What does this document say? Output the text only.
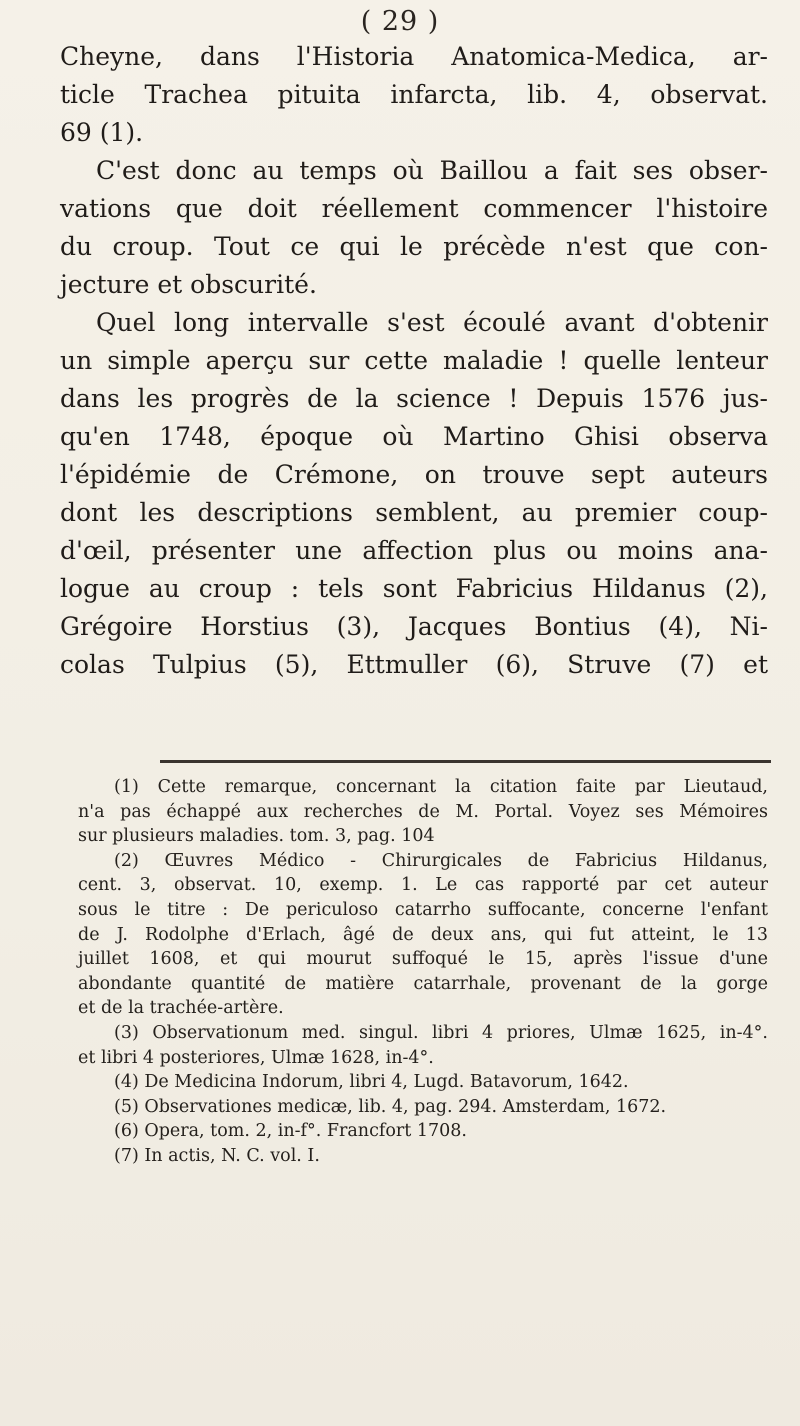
( 29 )
Cheyne, dans l'Historia Anatomica-Medica, ar-
ticle Trachea pituita infarcta, lib. 4, observat.
69 (1).
C'est donc au temps où Baillou a fait ses obser-
vations que doit réellement commencer l'histoire
du croup. Tout ce qui le précède n'est que con-
jecture et obscurité.
Quel long intervalle s'est écoulé avant d'obtenir
un simple aperçu sur cette maladie ! quelle lenteur
dans les progrès de la science ! Depuis 1576 jus-
qu'en 1748, époque où Martino Ghisi observa
l'épidémie de Crémone, on trouve sept auteurs
dont les descriptions semblent, au premier coup-
d'œil, présenter une affection plus ou moins ana-
logue au croup : tels sont Fabricius Hildanus (2),
Grégoire Horstius (3), Jacques Bontius (4), Ni-
colas Tulpius (5), Ettmuller (6), Struve (7) et
(1) Cette remarque, concernant la citation faite par Lieutaud,
n'a pas échappé aux recherches de M. Portal. Voyez ses Mémoires
sur plusieurs maladies. tom. 3, pag. 104
(2) Œuvres Médico - Chirurgicales de Fabricius Hildanus,
cent. 3, observat. 10, exemp. 1. Le cas rapporté par cet auteur
sous le titre : De periculoso catarrho suffocante, concerne l'enfant
de J. Rodolphe d'Erlach, âgé de deux ans, qui fut atteint, le 13
juillet 1608, et qui mourut suffoqué le 15, après l'issue d'une
abondante quantité de matière catarrhale, provenant de la gorge
et de la trachée-artère.
(3) Observationum med. singul. libri 4 priores, Ulmæ 1625, in-4°.
et libri 4 posteriores, Ulmæ 1628, in-4°.
(4) De Medicina Indorum, libri 4, Lugd. Batavorum, 1642.
(5) Observationes medicæ, lib. 4, pag. 294. Amsterdam, 1672.
(6) Opera, tom. 2, in-f°. Francfort 1708.
(7) In actis, N. C. vol. I.
